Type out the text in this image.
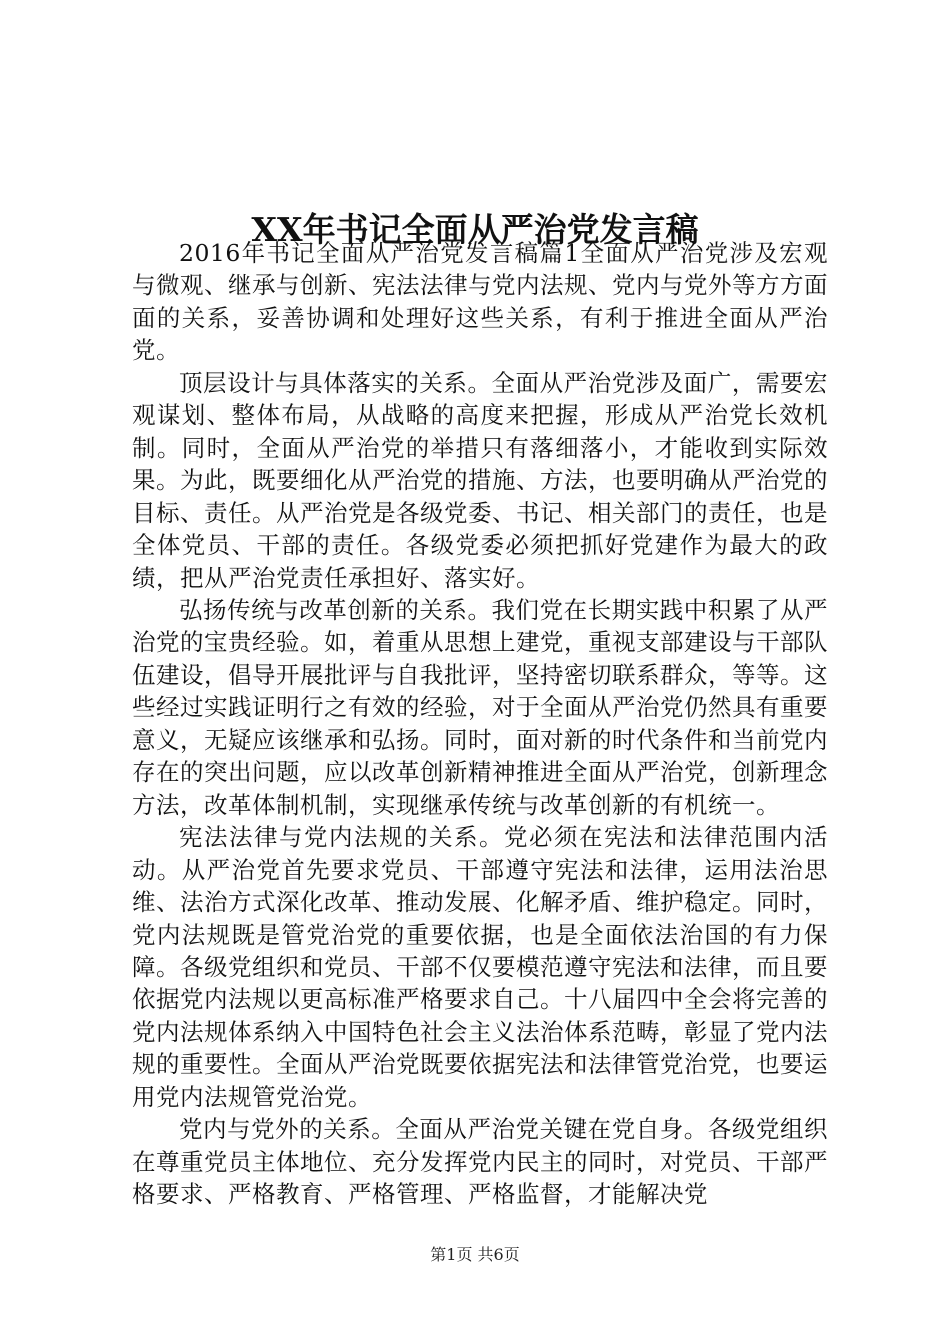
XX年书记全面从严治党发言稿

2016年书记全面从严治党发言稿篇1全面从严治党涉及宏观与微观、继承与创新、宪法法律与党内法规、党内与党外等方方面面的关系，妥善协调和处理好这些关系，有利于推进全面从严治党。

顶层设计与具体落实的关系。全面从严治党涉及面广，需要宏观谋划、整体布局，从战略的高度来把握，形成从严治党长效机制。同时，全面从严治党的举措只有落细落小，才能收到实际效果。为此，既要细化从严治党的措施、方法，也要明确从严治党的目标、责任。从严治党是各级党委、书记、相关部门的责任，也是全体党员、干部的责任。各级党委必须把抓好党建作为最大的政绩，把从严治党责任承担好、落实好。

弘扬传统与改革创新的关系。我们党在长期实践中积累了从严治党的宝贵经验。如，着重从思想上建党，重视支部建设与干部队伍建设，倡导开展批评与自我批评，坚持密切联系群众，等等。这些经过实践证明行之有效的经验，对于全面从严治党仍然具有重要意义，无疑应该继承和弘扬。同时，面对新的时代条件和当前党内存在的突出问题，应以改革创新精神推进全面从严治党，创新理念方法，改革体制机制，实现继承传统与改革创新的有机统一。

宪法法律与党内法规的关系。党必须在宪法和法律范围内活动。从严治党首先要求党员、干部遵守宪法和法律，运用法治思维、法治方式深化改革、推动发展、化解矛盾、维护稳定。同时，党内法规既是管党治党的重要依据，也是全面依法治国的有力保障。各级党组织和党员、干部不仅要模范遵守宪法和法律，而且要依据党内法规以更高标准严格要求自己。十八届四中全会将完善的党内法规体系纳入中国特色社会主义法治体系范畴，彰显了党内法规的重要性。全面从严治党既要依据宪法和法律管党治党，也要运用党内法规管党治党。

党内与党外的关系。全面从严治党关键在党自身。各级党组织在尊重党员主体地位、充分发挥党内民主的同时，对党员、干部严格要求、严格教育、严格管理、严格监督，才能解决党

第1页 共6页
